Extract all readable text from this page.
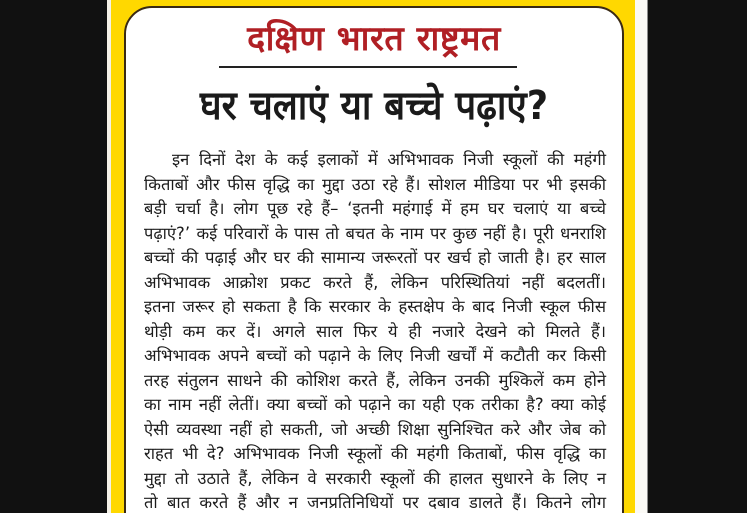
दक्षिण भारत राष्ट्रमत
घर चलाएं या बच्चे पढ़ाएं?
इन दिनों देश के कई इलाकों में अभिभावक निजी स्कूलों की महंगी
किताबों और फीस वृद्धि का मुद्दा उठा रहे हैं। सोशल मीडिया पर भी इसकी
बड़ी चर्चा है। लोग पूछ रहे हैं– ‘इतनी महंगाई में हम घर चलाएं या बच्चे
पढ़ाएं?’ कई परिवारों के पास तो बचत के नाम पर कुछ नहीं है। पूरी धनराशि
बच्चों की पढ़ाई और घर की सामान्य जरूरतों पर खर्च हो जाती है। हर साल
अभिभावक आक्रोश प्रकट करते हैं, लेकिन परिस्थितियां नहीं बदलतीं।
इतना जरूर हो सकता है कि सरकार के हस्तक्षेप के बाद निजी स्कूल फीस
थोड़ी कम कर दें। अगले साल फिर ये ही नजारे देखने को मिलते हैं।
अभिभावक अपने बच्चों को पढ़ाने के लिए निजी खर्चों में कटौती कर किसी
तरह संतुलन साधने की कोशिश करते हैं, लेकिन उनकी मुश्किलें कम होने
का नाम नहीं लेतीं। क्या बच्चों को पढ़ाने का यही एक तरीका है? क्या कोई
ऐसी व्यवस्था नहीं हो सकती, जो अच्छी शिक्षा सुनिश्चित करे और जेब को
राहत भी दे? अभिभावक निजी स्कूलों की महंगी किताबों, फीस वृद्धि का
मुद्दा तो उठाते हैं, लेकिन वे सरकारी स्कूलों की हालत सुधारने के लिए न
तो बात करते हैं और न जनप्रतिनिधियों पर दबाव डालते हैं। कितने लोग
